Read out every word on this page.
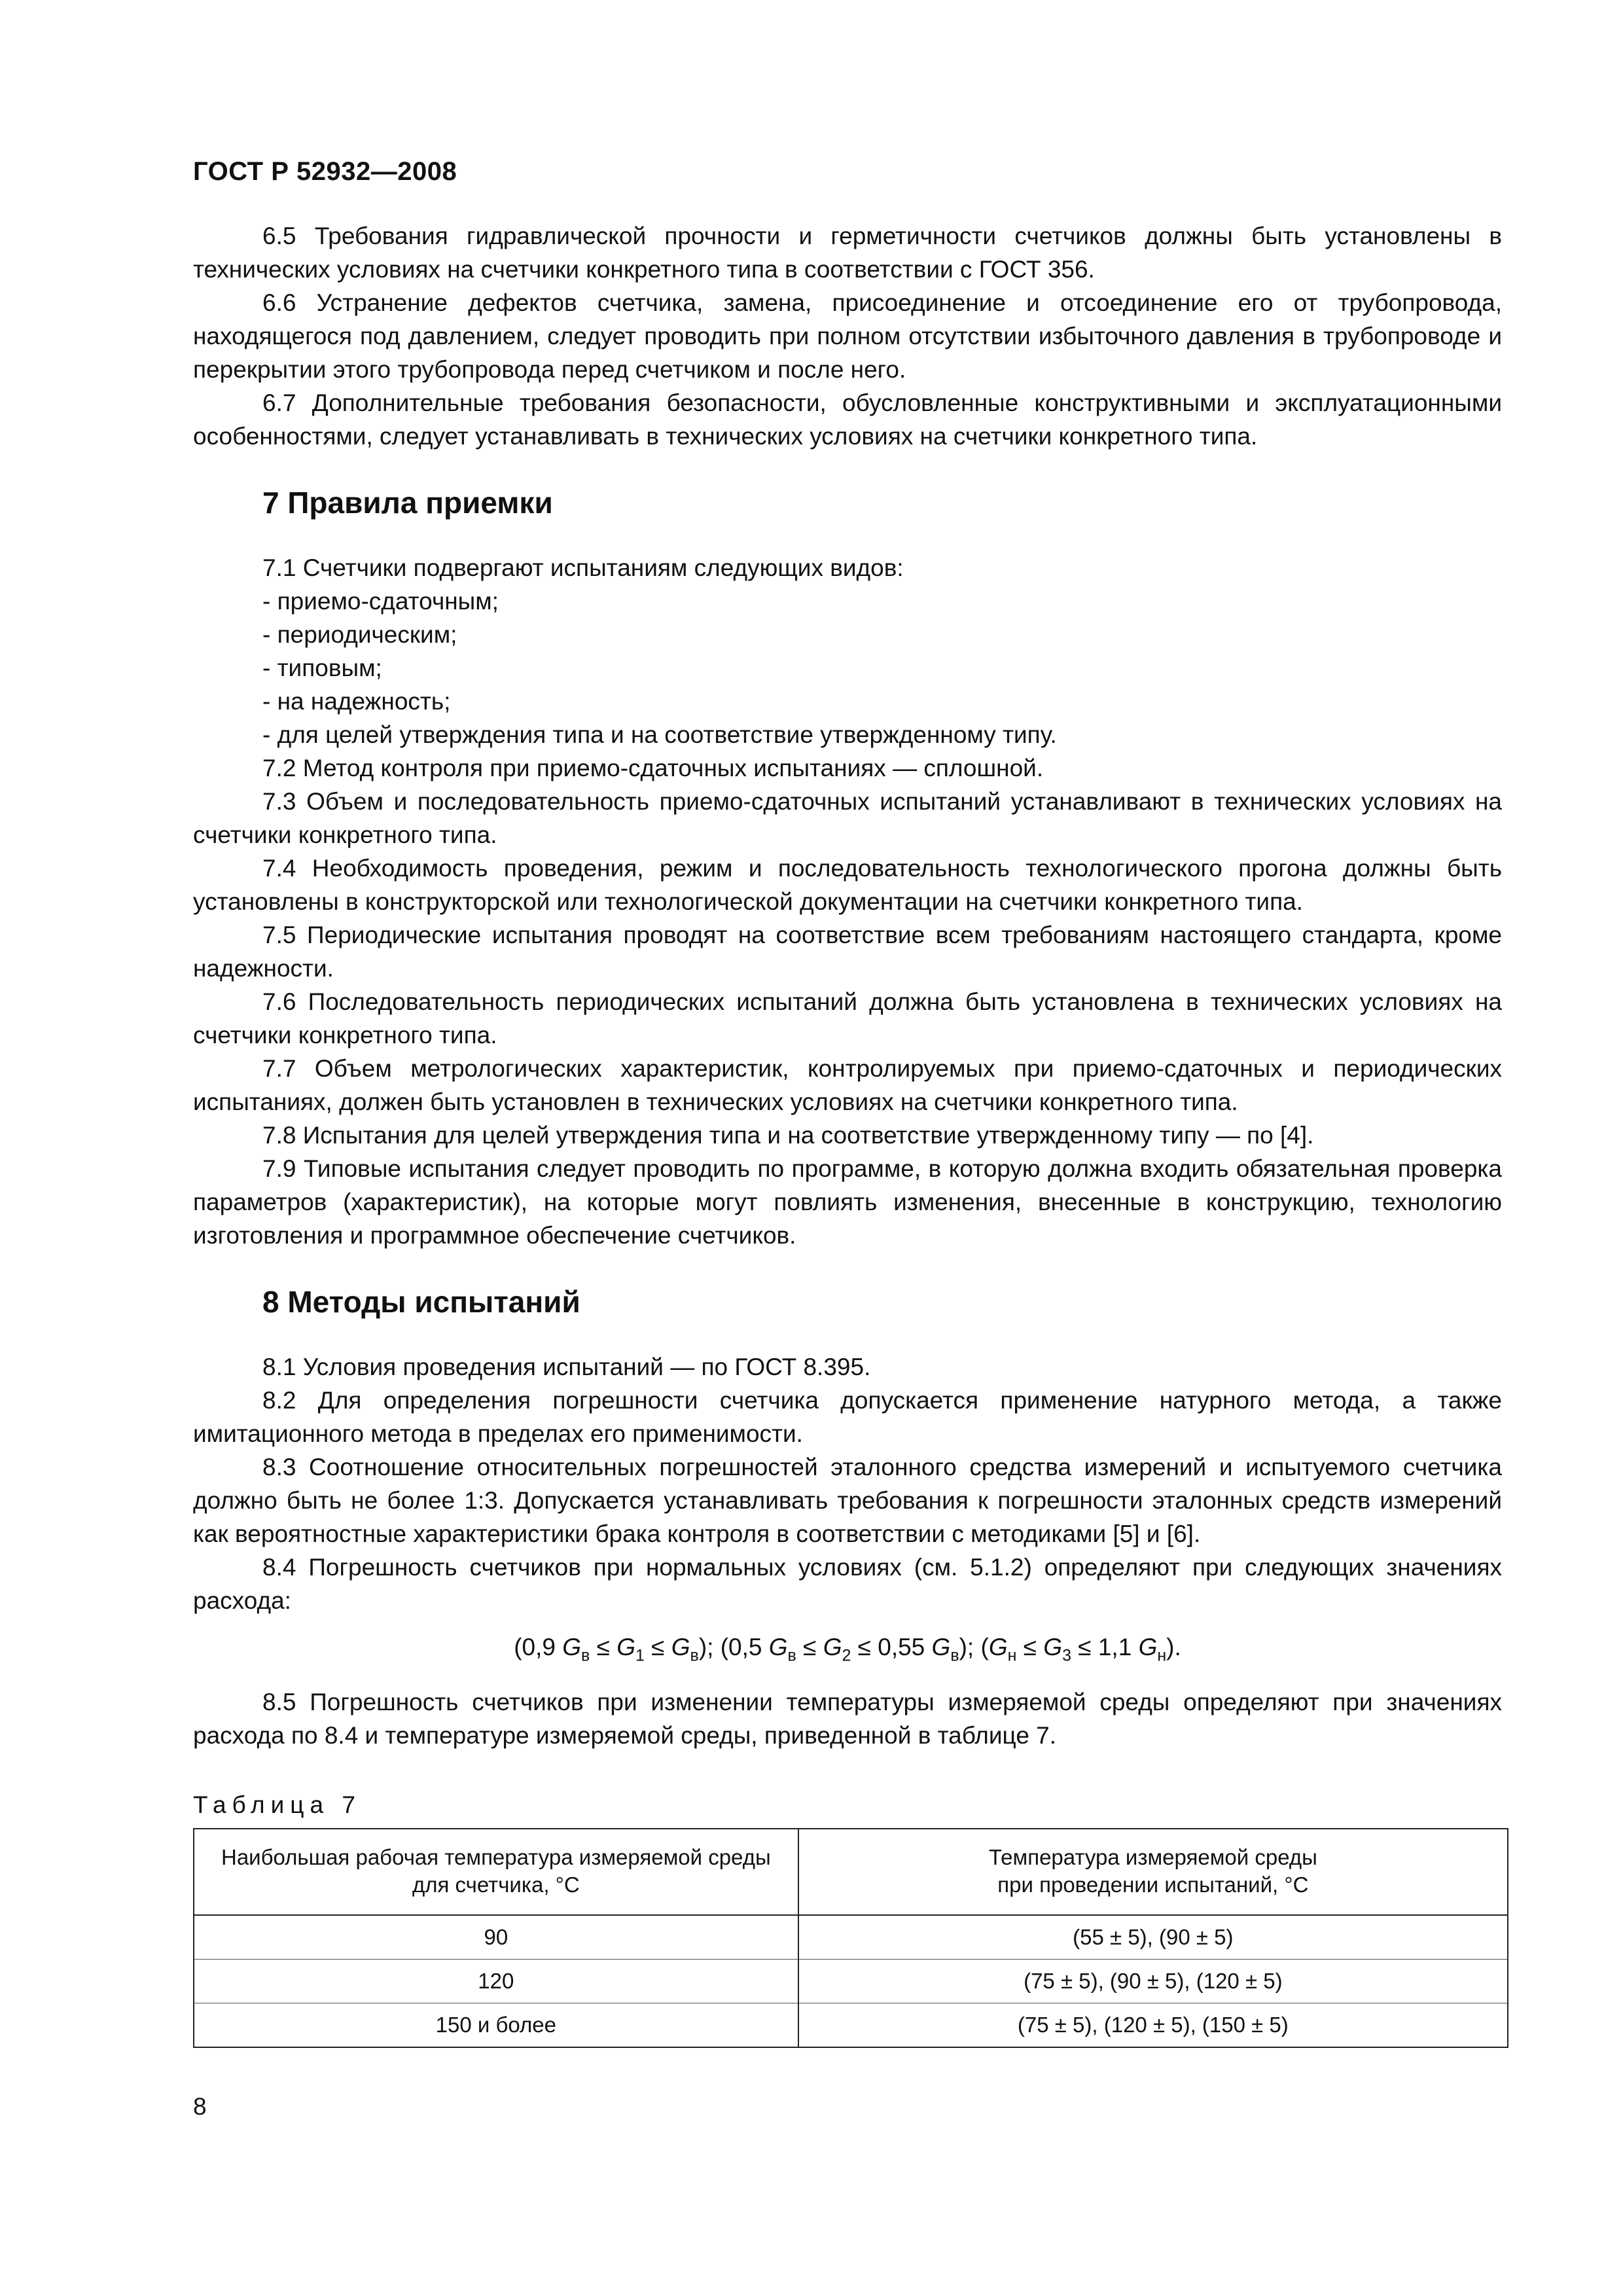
ГОСТ Р 52932—2008

6.5 Требования гидравлической прочности и герметичности счетчиков должны быть установлены в технических условиях на счетчики конкретного типа в соответствии с ГОСТ 356.

6.6 Устранение дефектов счетчика, замена, присоединение и отсоединение его от трубопровода, находящегося под давлением, следует проводить при полном отсутствии избыточного давления в трубопроводе и перекрытии этого трубопровода перед счетчиком и после него.

6.7 Дополнительные требования безопасности, обусловленные конструктивными и эксплуатационными особенностями, следует устанавливать в технических условиях на счетчики конкретного типа.

7 Правила приемки

7.1 Счетчики подвергают испытаниям следующих видов:

- приемо-сдаточным;

- периодическим;

- типовым;

- на надежность;

- для целей утверждения типа и на соответствие утвержденному типу.

7.2 Метод контроля при приемо-сдаточных испытаниях — сплошной.

7.3 Объем и последовательность приемо-сдаточных испытаний устанавливают в технических условиях на счетчики конкретного типа.

7.4 Необходимость проведения, режим и последовательность технологического прогона должны быть установлены в конструкторской или технологической документации на счетчики конкретного типа.

7.5 Периодические испытания проводят на соответствие всем требованиям настоящего стандарта, кроме надежности.

7.6 Последовательность периодических испытаний должна быть установлена в технических условиях на счетчики конкретного типа.

7.7 Объем метрологических характеристик, контролируемых при приемо-сдаточных и периодических испытаниях, должен быть установлен в технических условиях на счетчики конкретного типа.

7.8 Испытания для целей утверждения типа и на соответствие утвержденному типу — по [4].

7.9 Типовые испытания следует проводить по программе, в которую должна входить обязательная проверка параметров (характеристик), на которые могут повлиять изменения, внесенные в конструкцию, технологию изготовления и программное обеспечение счетчиков.

8 Методы испытаний

8.1 Условия проведения испытаний — по ГОСТ 8.395.

8.2 Для определения погрешности счетчика допускается применение натурного метода, а также имитационного метода в пределах его применимости.

8.3 Соотношение относительных погрешностей эталонного средства измерений и испытуемого счетчика должно быть не более 1:3. Допускается устанавливать требования к погрешности эталонных средств измерений как вероятностные характеристики брака контроля в соответствии с методиками [5] и [6].

8.4 Погрешность счетчиков при нормальных условиях (см. 5.1.2) определяют при следующих значениях расхода:

(0,9 $G_в \le G_1 \le G_в$); (0,5 $G_в \le G_2 \le 0,55$ $G_в$); ($G_н \le G_3 \le 1,1$ $G_н$).

8.5 Погрешность счетчиков при изменении температуры измеряемой среды определяют при значениях расхода по 8.4 и температуре измеряемой среды, приведенной в таблице 7.

Таблица 7
Наибольшая рабочая температура измеряемой среды
для счетчика, °С	Температура измеряемой среды
при проведении испытаний, °С
90	(55 ± 5), (90 ± 5)
120	(75 ± 5), (90 ± 5), (120 ± 5)
150 и более	(75 ± 5), (120 ± 5), (150 ± 5)
8
